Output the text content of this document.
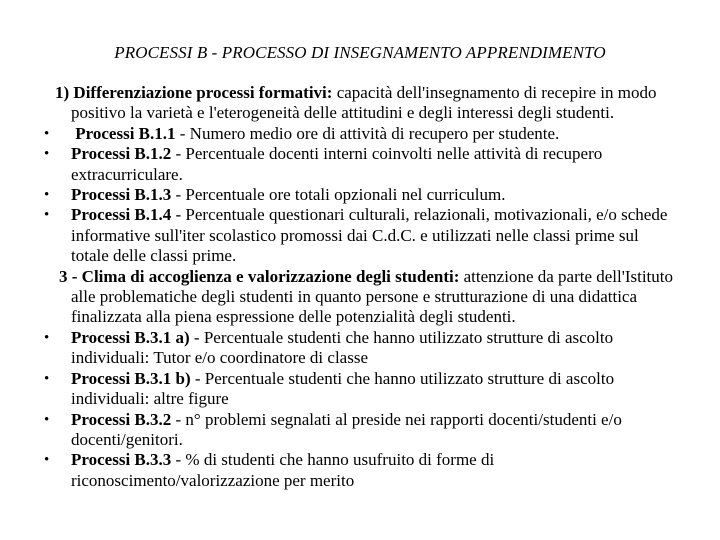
PROCESSI B - PROCESSO DI INSEGNAMENTO APPRENDIMENTO
1) Differenziazione processi formativi: capacità dell'insegnamento di recepire in modo positivo la varietà e l'eterogeneità delle attitudini e degli interessi degli studenti.
• Processi B.1.1 - Numero medio ore di attività di recupero per studente.
• Processi B.1.2 - Percentuale docenti interni coinvolti nelle attività di recupero extracurriculare.
• Processi B.1.3 - Percentuale ore totali opzionali nel curriculum.
• Processi B.1.4 - Percentuale questionari culturali, relazionali, motivazionali, e/o schede informative sull'iter scolastico promossi dai C.d.C. e utilizzati nelle classi prime sul totale delle classi prime.
3 - Clima di accoglienza e valorizzazione degli studenti: attenzione da parte dell'Istituto alle problematiche degli studenti in quanto persone e strutturazione di una didattica finalizzata alla piena espressione delle potenzialità degli studenti.
• Processi B.3.1 a) - Percentuale studenti che hanno utilizzato strutture di ascolto individuali: Tutor e/o coordinatore di classe
• Processi B.3.1 b) - Percentuale studenti che hanno utilizzato strutture di ascolto individuali: altre figure
• Processi B.3.2 - n° problemi segnalati al preside nei rapporti docenti/studenti e/o docenti/genitori.
• Processi B.3.3 - % di studenti che hanno usufruito di forme di riconoscimento/valorizzazione per merito
